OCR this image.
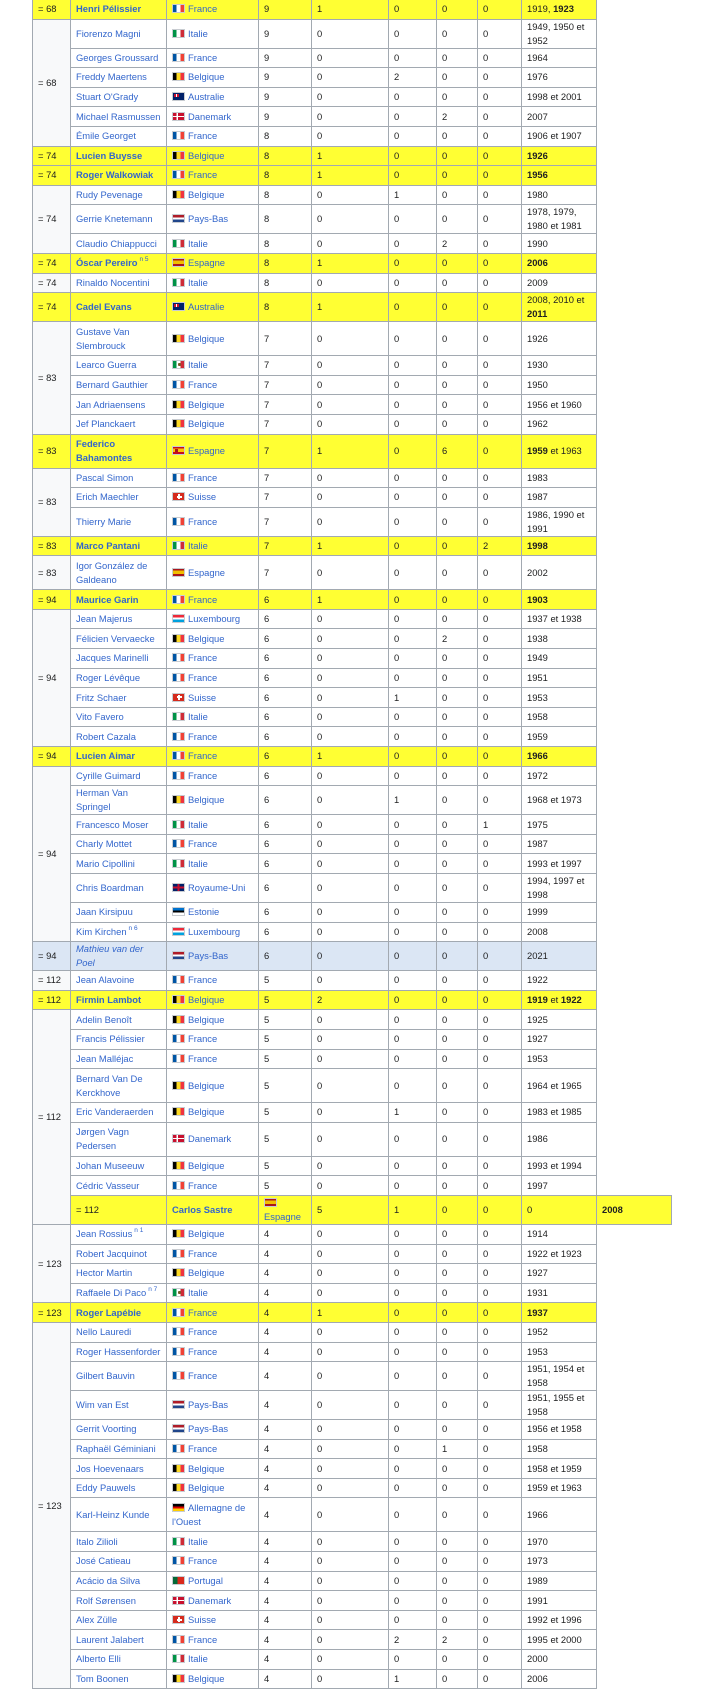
= 68	Henri Pélissier	France	9	1	0	0	0	1919, 1923	
= 68	Fiorenzo Magni	Italie	9	0	0	0	0	1949, 1950 et 1952	
	Georges Groussard	France	9	0	0	0	0	1964	
	Freddy Maertens	Belgique	9	0	2	0	0	1976	
	Stuart O'Grady	Australie	9	0	0	0	0	1998 et 2001	
	Michael Rasmussen	Danemark	9	0	0	2	0	2007	
	Émile Georget	France	8	0	0	0	0	1906 et 1907	
= 74	Lucien Buysse	Belgique	8	1	0	0	0	1926	
= 74	Roger Walkowiak	France	8	1	0	0	0	1956	
= 74	Rudy Pevenage	Belgique	8	0	1	0	0	1980	
	Gerrie Knetemann	Pays-Bas	8	0	0	0	0	1978, 1979, 1980 et 1981	
	Claudio Chiappucci	Italie	8	0	0	2	0	1990	
= 74	Óscar Pereiro $^{n 5}$	Espagne	8	1	0	0	0	2006	
= 74	Rinaldo Nocentini	Italie	8	0	0	0	0	2009	
= 74	Cadel Evans	Australie	8	1	0	0	0	2008, 2010 et 2011	
= 83	Gustave Van Slembrouck	Belgique	7	0	0	0	0	1926	
	Learco Guerra	Italie	7	0	0	0	0	1930	
	Bernard Gauthier	France	7	0	0	0	0	1950	
	Jan Adriaensens	Belgique	7	0	0	0	0	1956 et 1960	
	Jef Planckaert	Belgique	7	0	0	0	0	1962	
= 83	Federico Bahamontes	Espagne	7	1	0	6	0	1959 et 1963	
= 83	Pascal Simon	France	7	0	0	0	0	1983	
	Erich Maechler	Suisse	7	0	0	0	0	1987	
	Thierry Marie	France	7	0	0	0	0	1986, 1990 et 1991	
= 83	Marco Pantani	Italie	7	1	0	0	2	1998	
= 83	Igor González de Galdeano	Espagne	7	0	0	0	0	2002	
= 94	Maurice Garin	France	6	1	0	0	0	1903	
= 94	Jean Majerus	Luxembourg	6	0	0	0	0	1937 et 1938	
	Félicien Vervaecke	Belgique	6	0	0	2	0	1938	
	Jacques Marinelli	France	6	0	0	0	0	1949	
	Roger Lévêque	France	6	0	0	0	0	1951	
	Fritz Schaer	Suisse	6	0	1	0	0	1953	
	Vito Favero	Italie	6	0	0	0	0	1958	
	Robert Cazala	France	6	0	0	0	0	1959	
= 94	Lucien Aimar	France	6	1	0	0	0	1966	
= 94	Cyrille Guimard	France	6	0	0	0	0	1972	
	Herman Van Springel	Belgique	6	0	1	0	0	1968 et 1973	
	Francesco Moser	Italie	6	0	0	0	1	1975	
	Charly Mottet	France	6	0	0	0	0	1987	
	Mario Cipollini	Italie	6	0	0	0	0	1993 et 1997	
	Chris Boardman	Royaume-Uni	6	0	0	0	0	1994, 1997 et 1998	
	Jaan Kirsipuu	Estonie	6	0	0	0	0	1999	
	Kim Kirchen $^{n 6}$	Luxembourg	6	0	0	0	0	2008	
= 94	Mathieu van der Poel	Pays-Bas	6	0	0	0	0	2021	
= 112	Jean Alavoine	France	5	0	0	0	0	1922	
= 112	Firmin Lambot	Belgique	5	2	0	0	0	1919 et 1922	
= 112	Adelin Benoît	Belgique	5	0	0	0	0	1925	
	Francis Pélissier	France	5	0	0	0	0	1927	
	Jean Malléjac	France	5	0	0	0	0	1953	
	Bernard Van De Kerckhove	Belgique	5	0	0	0	0	1964 et 1965	
	Eric Vanderaerden	Belgique	5	0	1	0	0	1983 et 1985	
	Jørgen Vagn Pedersen	Danemark	5	0	0	0	0	1986	
	Johan Museeuw	Belgique	5	0	0	0	0	1993 et 1994	
	Cédric Vasseur	France	5	0	0	0	0	1997	
	= 112	Carlos Sastre	Espagne	5	1	0	0	0	2008
= 123	Jean Rossius $^{n 1}$	Belgique	4	0	0	0	0	1914	
	Robert Jacquinot	France	4	0	0	0	0	1922 et 1923	
	Hector Martin	Belgique	4	0	0	0	0	1927	
	Raffaele Di Paco $^{n 7}$	Italie	4	0	0	0	0	1931	
= 123	Roger Lapébie	France	4	1	0	0	0	1937	
= 123	Nello Lauredi	France	4	0	0	0	0	1952	
	Roger Hassenforder	France	4	0	0	0	0	1953	
	Gilbert Bauvin	France	4	0	0	0	0	1951, 1954 et 1958	
	Wim van Est	Pays-Bas	4	0	0	0	0	1951, 1955 et 1958	
	Gerrit Voorting	Pays-Bas	4	0	0	0	0	1956 et 1958	
	Raphaël Géminiani	France	4	0	0	1	0	1958	
	Jos Hoevenaars	Belgique	4	0	0	0	0	1958 et 1959	
	Eddy Pauwels	Belgique	4	0	0	0	0	1959 et 1963	
	Karl-Heinz Kunde	Allemagne de l'Ouest	4	0	0	0	0	1966	
	Italo Zilioli	Italie	4	0	0	0	0	1970	
	José Catieau	France	4	0	0	0	0	1973	
	Acácio da Silva	Portugal	4	0	0	0	0	1989	
	Rolf Sørensen	Danemark	4	0	0	0	0	1991	
	Alex Zülle	Suisse	4	0	0	0	0	1992 et 1996	
	Laurent Jalabert	France	4	0	2	2	0	1995 et 2000	
	Alberto Elli	Italie	4	0	0	0	0	2000	
	Tom Boonen	Belgique	4	0	1	0	0	2006	
